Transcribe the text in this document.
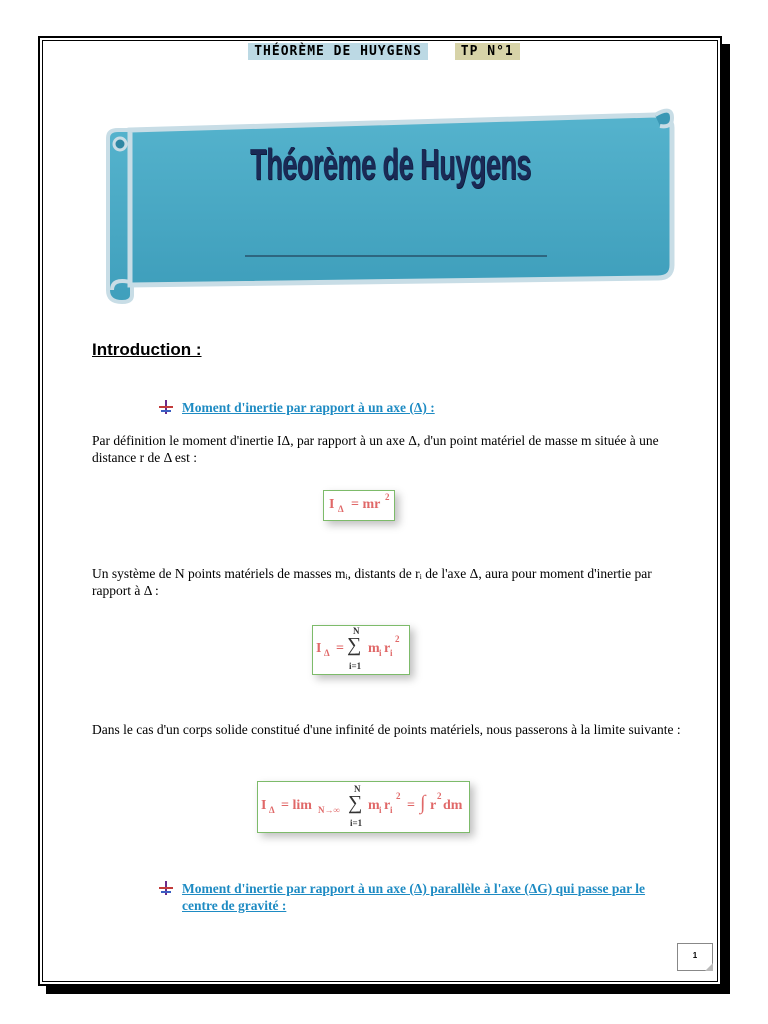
THÉORÈME DE HUYGENS	TP N°1
Théorème de Huygens
Introduction :
Moment d'inertie par rapport à un axe (Δ) :
Par définition le moment d'inertie IΔ, par rapport à un axe Δ, d'un point matériel de masse m située à une distance r de Δ est :
I Δ = mr 2
Un système de N points matériels de masses mᵢ, distants de rᵢ de l'axe Δ, aura pour moment d'inertie par rapport à Δ :
I Δ =
N
∑
i=1
m i r i
2
Dans le cas d'un corps solide constitué d'une infinité de points matériels, nous passerons à la limite suivante :
I Δ = lim N→∞
N
∑
i=1
m i r i
2
= ∫ r
2
dm
Moment d'inertie par rapport à un axe (Δ) parallèle à l'axe (ΔG) qui passe par le centre de gravité :
1
